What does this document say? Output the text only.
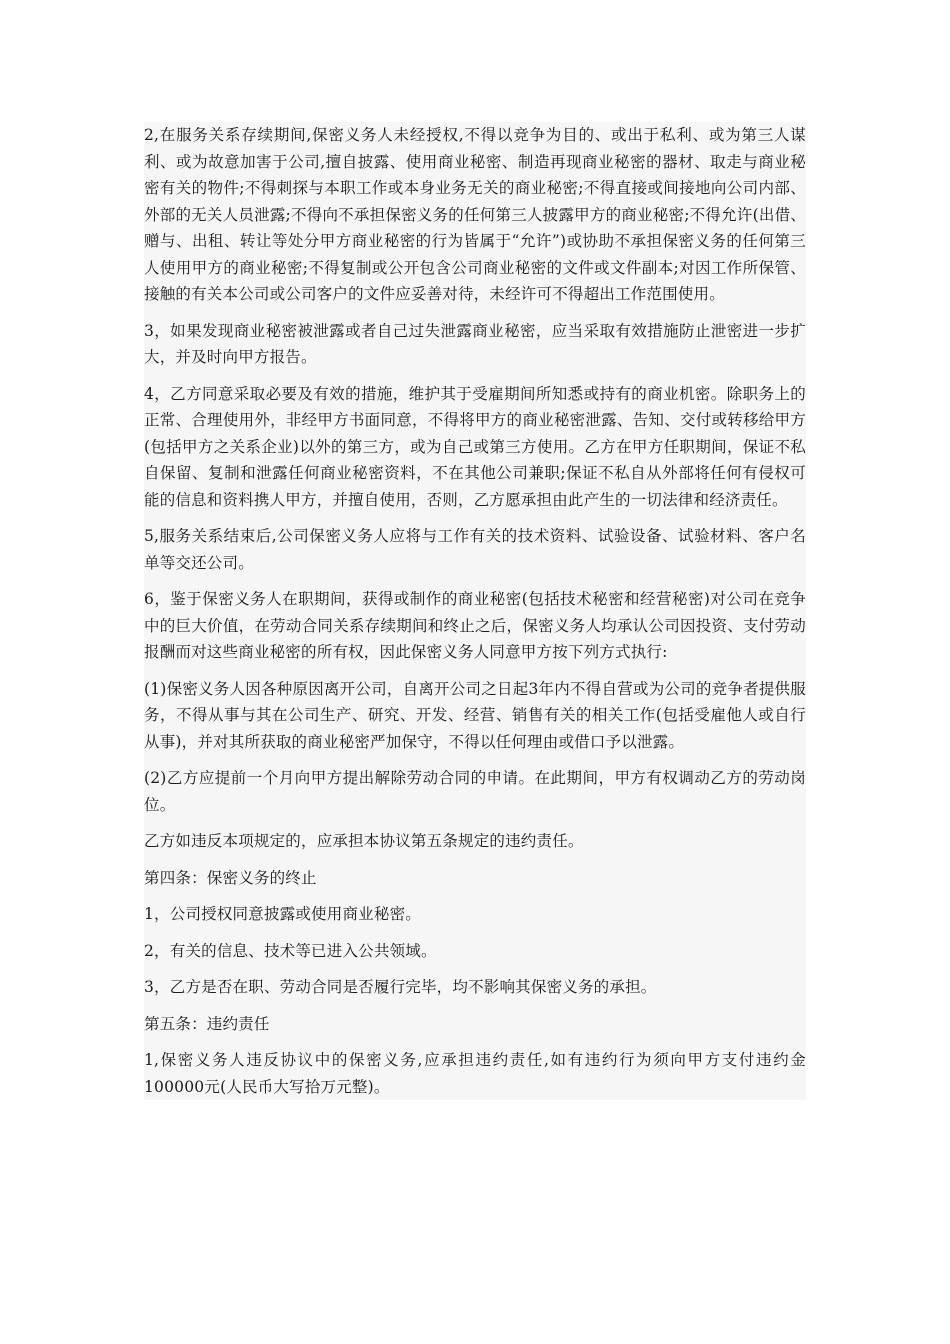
2,在服务关系存续期间,保密义务人未经授权,不得以竞争为目的、或出于私利、或为第三人谋利、或为故意加害于公司,擅自披露、使用商业秘密、制造再现商业秘密的器材、取走与商业秘密有关的物件;不得刺探与本职工作或本身业务无关的商业秘密;不得直接或间接地向公司内部、外部的无关人员泄露;不得向不承担保密义务的任何第三人披露甲方的商业秘密;不得允许(出借、赠与、出租、转让等处分甲方商业秘密的行为皆属于“允许”)或协助不承担保密义务的任何第三人使用甲方的商业秘密;不得复制或公开包含公司商业秘密的文件或文件副本;对因工作所保管、接触的有关本公司或公司客户的文件应妥善对待，未经许可不得超出工作范围使用。

3，如果发现商业秘密被泄露或者自己过失泄露商业秘密，应当采取有效措施防止泄密进一步扩大，并及时向甲方报告。

4，乙方同意采取必要及有效的措施，维护其于受雇期间所知悉或持有的商业机密。除职务上的正常、合理使用外，非经甲方书面同意，不得将甲方的商业秘密泄露、告知、交付或转移给甲方(包括甲方之关系企业)以外的第三方，或为自己或第三方使用。乙方在甲方任职期间，保证不私自保留、复制和泄露任何商业秘密资料，不在其他公司兼职;保证不私自从外部将任何有侵权可能的信息和资料携人甲方，并擅自使用，否则，乙方愿承担由此产生的一切法律和经济责任。

5,服务关系结束后,公司保密义务人应将与工作有关的技术资料、试验设备、试验材料、客户名单等交还公司。

6，鉴于保密义务人在职期间，获得或制作的商业秘密(包括技术秘密和经营秘密)对公司在竞争中的巨大价值，在劳动合同关系存续期间和终止之后，保密义务人均承认公司因投资、支付劳动报酬而对这些商业秘密的所有权，因此保密义务人同意甲方按下列方式执行:

(1)保密义务人因各种原因离开公司，自离开公司之日起3年内不得自营或为公司的竞争者提供服务，不得从事与其在公司生产、研究、开发、经营、销售有关的相关工作(包括受雇他人或自行从事)，并对其所获取的商业秘密严加保守，不得以任何理由或借口予以泄露。

(2)乙方应提前一个月向甲方提出解除劳动合同的申请。在此期间，甲方有权调动乙方的劳动岗位。

乙方如违反本项规定的，应承担本协议第五条规定的违约责任。

第四条：保密义务的终止

1，公司授权同意披露或使用商业秘密。

2，有关的信息、技术等已进入公共领域。

3，乙方是否在职、劳动合同是否履行完毕，均不影响其保密义务的承担。

第五条：违约责任

1,保密义务人违反协议中的保密义务,应承担违约责任,如有违约行为须向甲方支付违约金100000元(人民币大写拾万元整)。
